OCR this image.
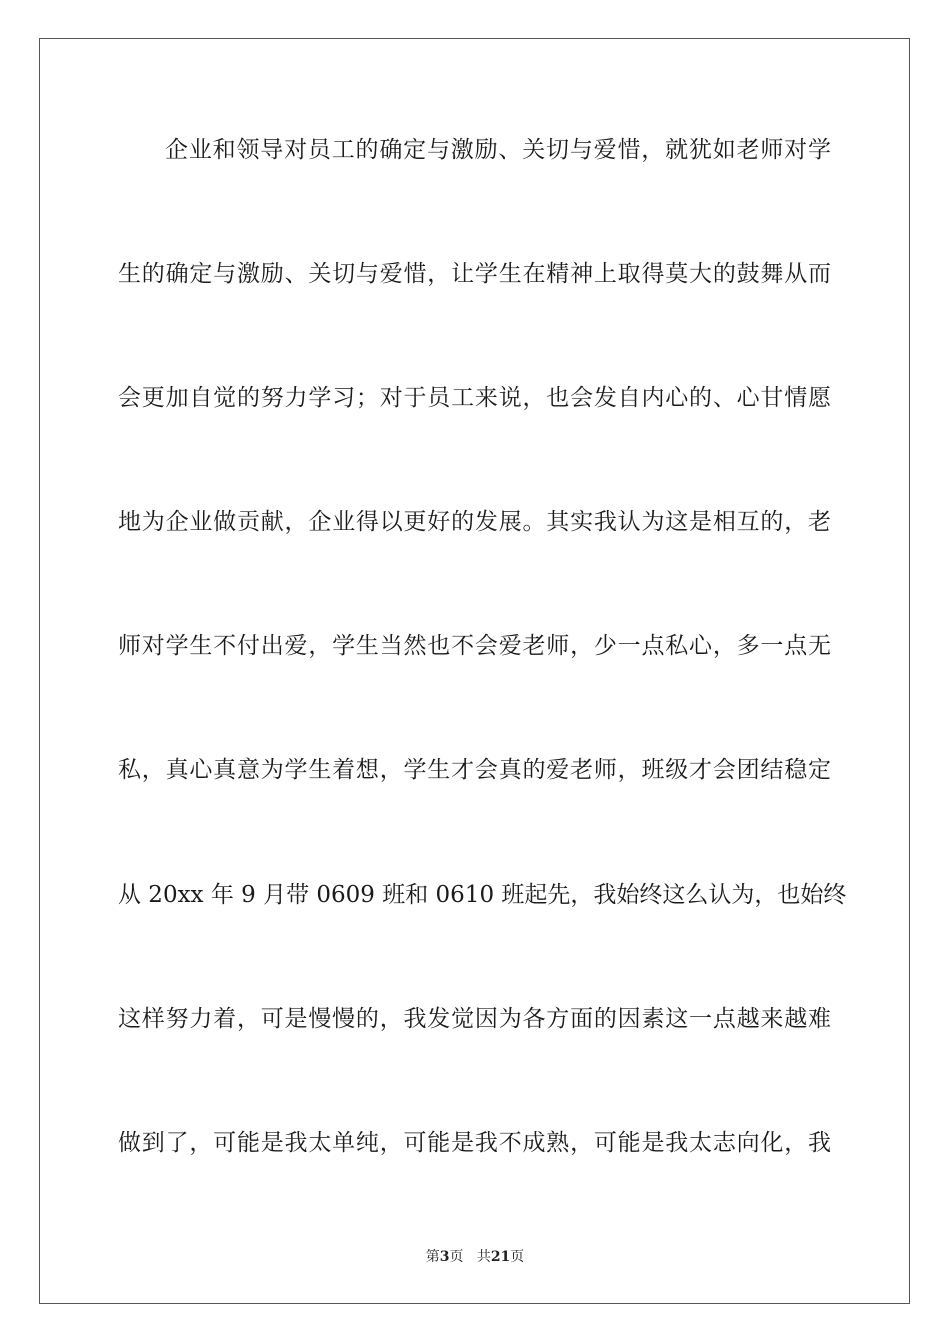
企业和领导对员工的确定与激励、关切与爱惜，就犹如老师对学
生的确定与激励、关切与爱惜，让学生在精神上取得莫大的鼓舞从而
会更加自觉的努力学习；对于员工来说，也会发自内心的、心甘情愿
地为企业做贡献，企业得以更好的发展。其实我认为这是相互的，老
师对学生不付出爱，学生当然也不会爱老师，少一点私心，多一点无
私，真心真意为学生着想，学生才会真的爱老师，班级才会团结稳定
从 20xx 年 9 月带 0609 班和 0610 班起先，我始终这么认为，也始终
这样努力着，可是慢慢的，我发觉因为各方面的因素这一点越来越难
做到了，可能是我太单纯，可能是我不成熟，可能是我太志向化，我
第3页 共21页
